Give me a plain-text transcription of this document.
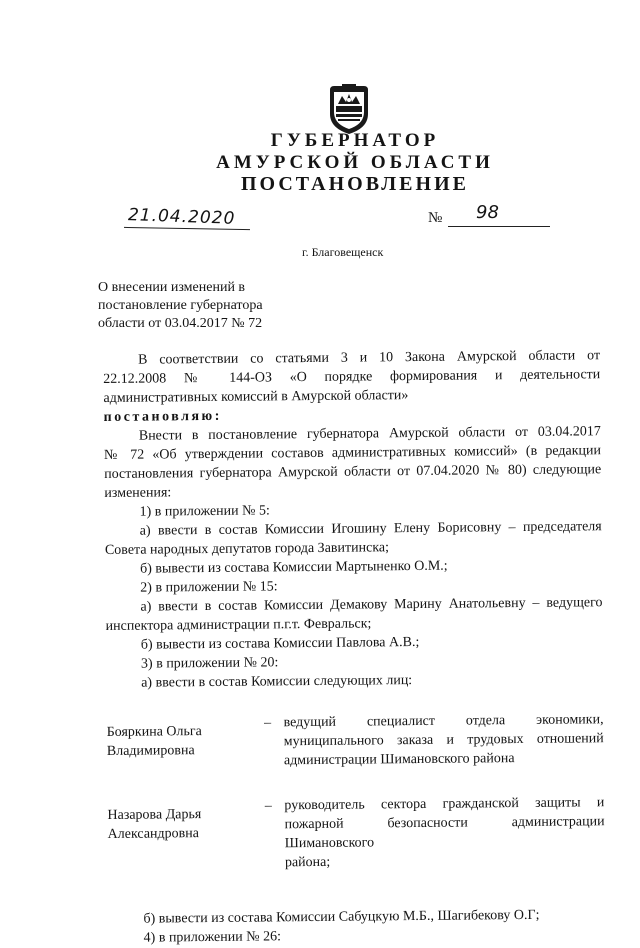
ГУБЕРНАТОР
АМУРСКОЙ ОБЛАСТИ
ПОСТАНОВЛЕНИЕ
21.04.2020	№ 98
г. Благовещенск
О внесении изменений в
постановление губернатора
области от 03.04.2017 № 72

В соответствии со статьями 3 и 10 Закона Амурской области от

22.12.2008 № 144-ОЗ «О порядке формирования и деятельности

административных комиссий в Амурской области»

постановляю:

Внести в постановление губернатора Амурской области от 03.04.2017

№ 72 «Об утверждении составов административных комиссий» (в редакции

постановления губернатора Амурской области от 07.04.2020 № 80) следующие

изменения:

1) в приложении № 5:

а) ввести в состав Комиссии Игошину Елену Борисовну – председателя

Совета народных депутатов города Завитинска;

б) вывести из состава Комиссии Мартыненко О.М.;

2) в приложении № 15:

а) ввести в состав Комиссии Демакову Марину Анатольевну – ведущего

инспектора администрации п.г.т. Февральск;

б) вывести из состава Комиссии Павлова А.В.;

3) в приложении № 20:

а) ввести в состав Комиссии следующих лиц:

Бояркина Ольга
Владимировна
– ведущий специалист отдела экономики,

муниципального заказа и трудовых отношений

администрации Шимановского района

Назарова Дарья
Александровна
– руководитель сектора гражданской защиты и

пожарной безопасности администрации Шимановского

района;

б) вывести из состава Комиссии Сабуцкую М.Б., Шагибекову О.Г;

4) в приложении № 26:
